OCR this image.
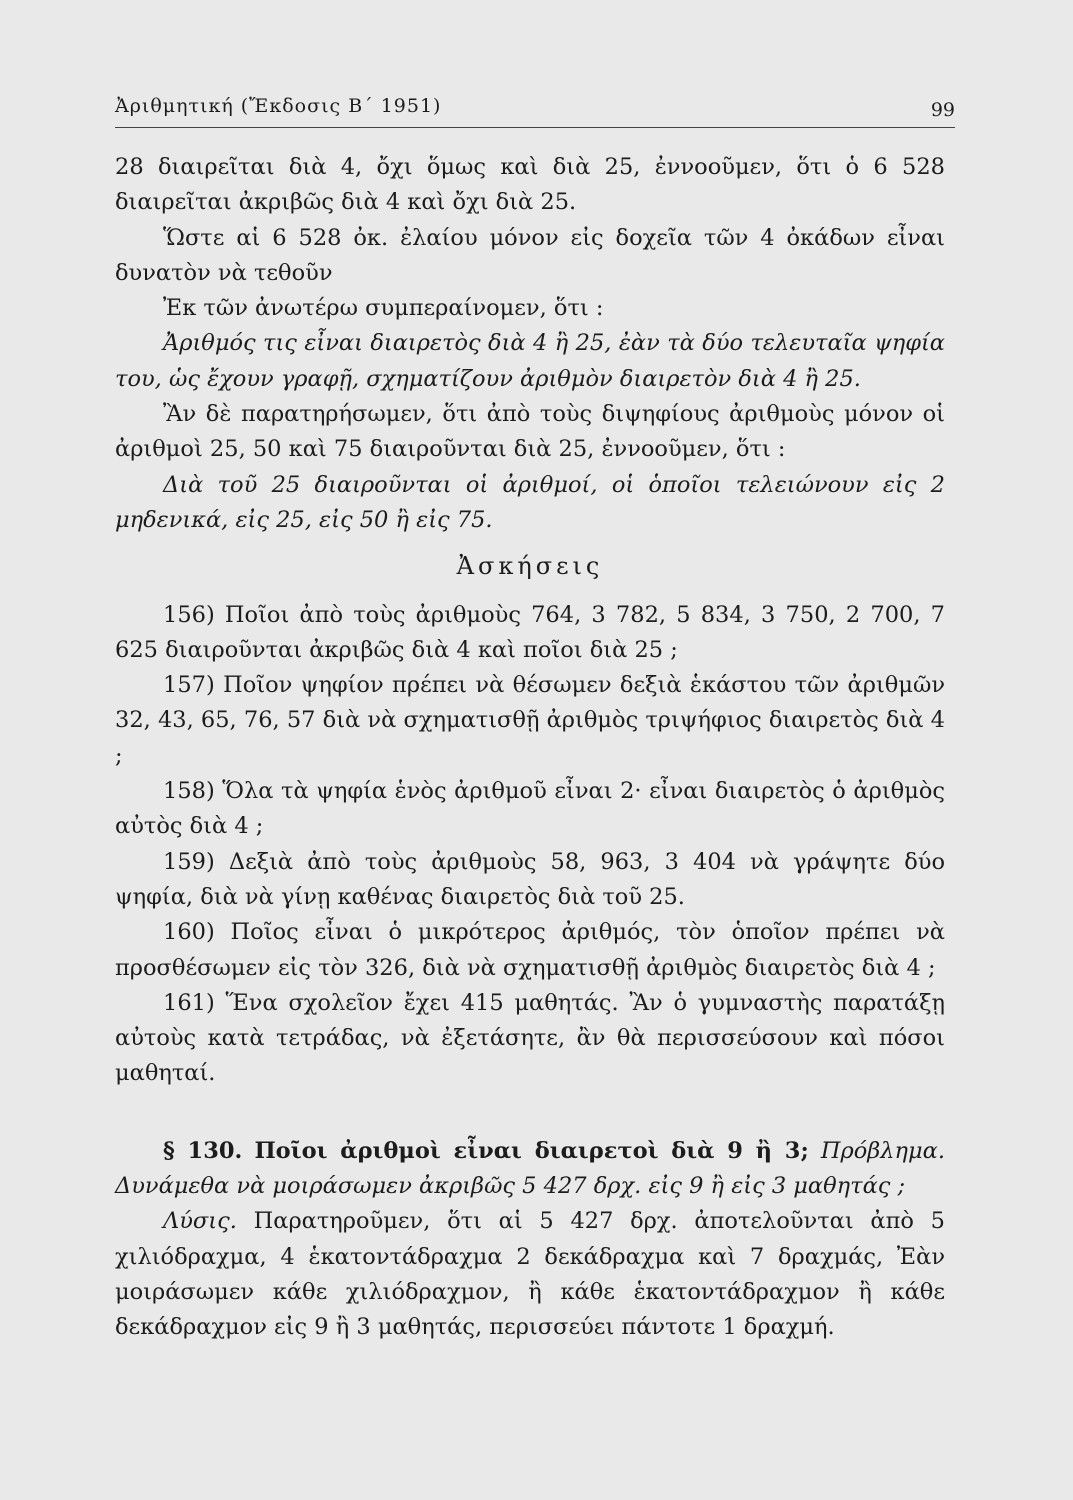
Ἀριθμητική (Ἔκδοσις Β΄ 1951)	99

28 διαιρεῖται διὰ 4, ὄχι ὅμως καὶ διὰ 25, ἐννοοῦμεν, ὅτι ὁ 6 528 διαιρεῖται ἀκριβῶς διὰ 4 καὶ ὄχι διὰ 25.

Ὥστε αἱ 6 528 ὀκ. ἐλαίου μόνον εἰς δοχεῖα τῶν 4 ὀκάδων εἶναι δυνατὸν νὰ τεθοῦν

Ἐκ τῶν ἀνωτέρω συμπεραίνομεν, ὅτι :

Ἀριθμός τις εἶναι διαιρετὸς διὰ 4 ἢ 25, ἐὰν τὰ δύο τελευταῖα ψηφία του, ὡς ἔχουν γραφῇ, σχηματίζουν ἀριθμὸν διαιρετὸν διὰ 4 ἢ 25.

Ἂν δὲ παρατηρήσωμεν, ὅτι ἀπὸ τοὺς διψηφίους ἀριθμοὺς μόνον οἱ ἀριθμοὶ 25, 50 καὶ 75 διαιροῦνται διὰ 25, ἐννοοῦμεν, ὅτι :

Διὰ τοῦ 25 διαιροῦνται οἱ ἀριθμοί, οἱ ὁποῖοι τελειώνουν εἰς 2 μηδενικά, εἰς 25, εἰς 50 ἢ εἰς 75.

Ἀσκήσεις

156) Ποῖοι ἀπὸ τοὺς ἀριθμοὺς 764, 3 782, 5 834, 3 750, 2 700, 7 625 διαιροῦνται ἀκριβῶς διὰ 4 καὶ ποῖοι διὰ 25 ;

157) Ποῖον ψηφίον πρέπει νὰ θέσωμεν δεξιὰ ἑκάστου τῶν ἀριθμῶν 32, 43, 65, 76, 57 διὰ νὰ σχηματισθῇ ἀριθμὸς τριψήφιος διαιρετὸς διὰ 4 ;

158) Ὅλα τὰ ψηφία ἑνὸς ἀριθμοῦ εἶναι 2· εἶναι διαιρετὸς ὁ ἀριθμὸς αὐτὸς διὰ 4 ;

159) Δεξιὰ ἀπὸ τοὺς ἀριθμοὺς 58, 963, 3 404 νὰ γράψητε δύο ψηφία, διὰ νὰ γίνῃ καθένας διαιρετὸς διὰ τοῦ 25.

160) Ποῖος εἶναι ὁ μικρότερος ἀριθμός, τὸν ὁποῖον πρέπει νὰ προσθέσωμεν εἰς τὸν 326, διὰ νὰ σχηματισθῇ ἀριθμὸς διαιρετὸς διὰ 4 ;

161) Ἕνα σχολεῖον ἔχει 415 μαθητάς. Ἂν ὁ γυμναστὴς παρατάξῃ αὐτοὺς κατὰ τετράδας, νὰ ἐξετάσητε, ἂν θὰ περισσεύσουν καὶ πόσοι μαθηταί.

§ 130. Ποῖοι ἀριθμοὶ εἶναι διαιρετοὶ διὰ 9 ἢ 3; Πρόβλημα. Δυνάμεθα νὰ μοιράσωμεν ἀκριβῶς 5 427 δρχ. εἰς 9 ἢ εἰς 3 μαθητάς ;

Λύσις. Παρατηροῦμεν, ὅτι αἱ 5 427 δρχ. ἀποτελοῦνται ἀπὸ 5 χιλιόδραχμα, 4 ἑκατοντάδραχμα 2 δεκάδραχμα καὶ 7 δραχμάς, Ἐὰν μοιράσωμεν κάθε χιλιόδραχμον, ἢ κάθε ἑκατοντάδραχμον ἢ κάθε δεκάδραχμον εἰς 9 ἢ 3 μαθητάς, περισσεύει πάντοτε 1 δραχμή.
